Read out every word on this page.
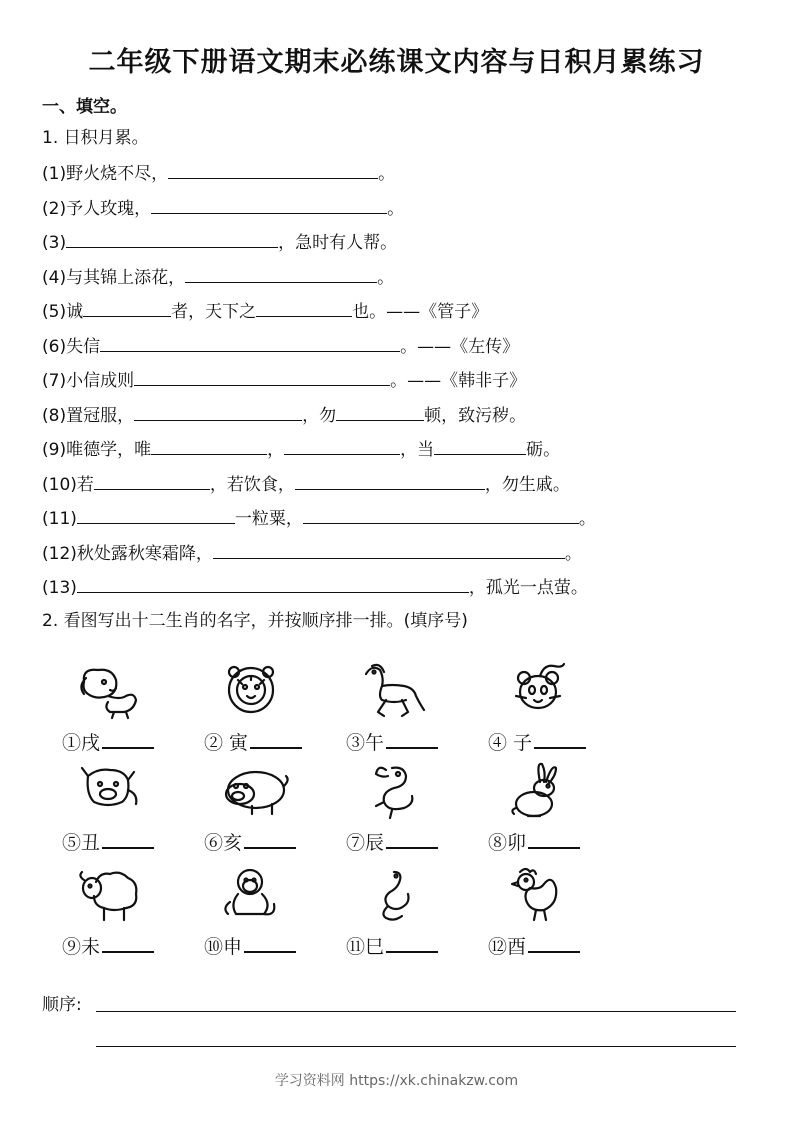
二年级下册语文期末必练课文内容与日积月累练习
一、填空。
1. 日积月累。
(1)野火烧不尽，	。
(2)予人玫瑰，	。
(3)	，急时有人帮。
(4)与其锦上添花，	。
(5)诚	者，天下之	也。——《管子》
(6)失信	。——《左传》
(7)小信成则	。——《韩非子》
(8)置冠服，	，勿	顿，致污秽。
(9)唯德学，唯	，	，当	砺。
(10)若	，若饮食，	，勿生戚。
(11)	一粒粟，	。
(12)秋处露秋寒霜降，	。
(13)	，孤光一点萤。
2. 看图写出十二生肖的名字，并按顺序排一排。(填序号)
①戌	② 寅	③午	④ 子
⑤丑	⑥亥	⑦辰	⑧卯
⑨未	⑩申	⑪巳	⑫酉
顺序:
学习资料网 https://xk.chinakzw.com
